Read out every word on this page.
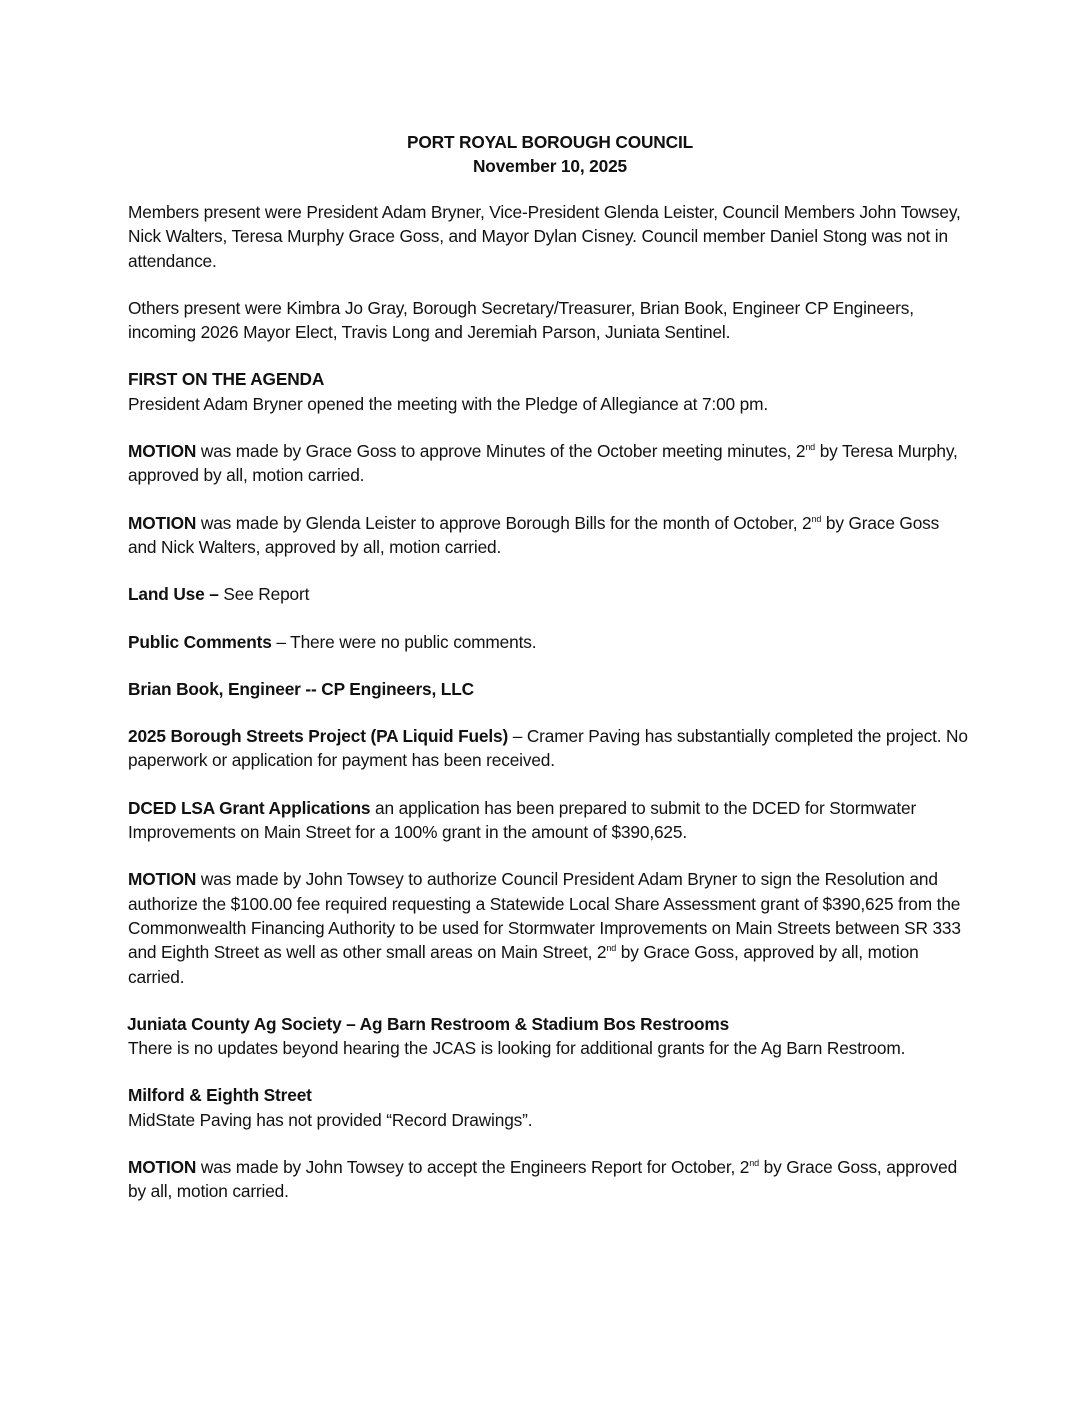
PORT ROYAL BOROUGH COUNCIL
November 10, 2025

Members present were President Adam Bryner, Vice-President Glenda Leister, Council Members John Towsey, Nick Walters, Teresa Murphy Grace Goss, and Mayor Dylan Cisney. Council member Daniel Stong was not in attendance.

Others present were Kimbra Jo Gray, Borough Secretary/Treasurer, Brian Book, Engineer CP Engineers, incoming 2026 Mayor Elect, Travis Long and Jeremiah Parson, Juniata Sentinel.

FIRST ON THE AGENDA
President Adam Bryner opened the meeting with the Pledge of Allegiance at 7:00 pm.

MOTION was made by Grace Goss to approve Minutes of the October meeting minutes, 2nd by Teresa Murphy, approved by all, motion carried.

MOTION was made by Glenda Leister to approve Borough Bills for the month of October, 2nd by Grace Goss and Nick Walters, approved by all, motion carried.

Land Use – See Report

Public Comments – There were no public comments.

Brian Book, Engineer -- CP Engineers, LLC

2025 Borough Streets Project (PA Liquid Fuels) – Cramer Paving has substantially completed the project. No paperwork or application for payment has been received.

DCED LSA Grant Applications an application has been prepared to submit to the DCED for Stormwater Improvements on Main Street for a 100% grant in the amount of $390,625.

MOTION was made by John Towsey to authorize Council President Adam Bryner to sign the Resolution and authorize the $100.00 fee required requesting a Statewide Local Share Assessment grant of $390,625 from the Commonwealth Financing Authority to be used for Stormwater Improvements on Main Streets between SR 333 and Eighth Street as well as other small areas on Main Street, 2nd by Grace Goss, approved by all, motion carried.

Juniata County Ag Society – Ag Barn Restroom & Stadium Bos Restrooms
There is no updates beyond hearing the JCAS is looking for additional grants for the Ag Barn Restroom.
Milford & Eighth Street
MidState Paving has not provided “Record Drawings”.

MOTION was made by John Towsey to accept the Engineers Report for October, 2nd by Grace Goss, approved by all, motion carried.
